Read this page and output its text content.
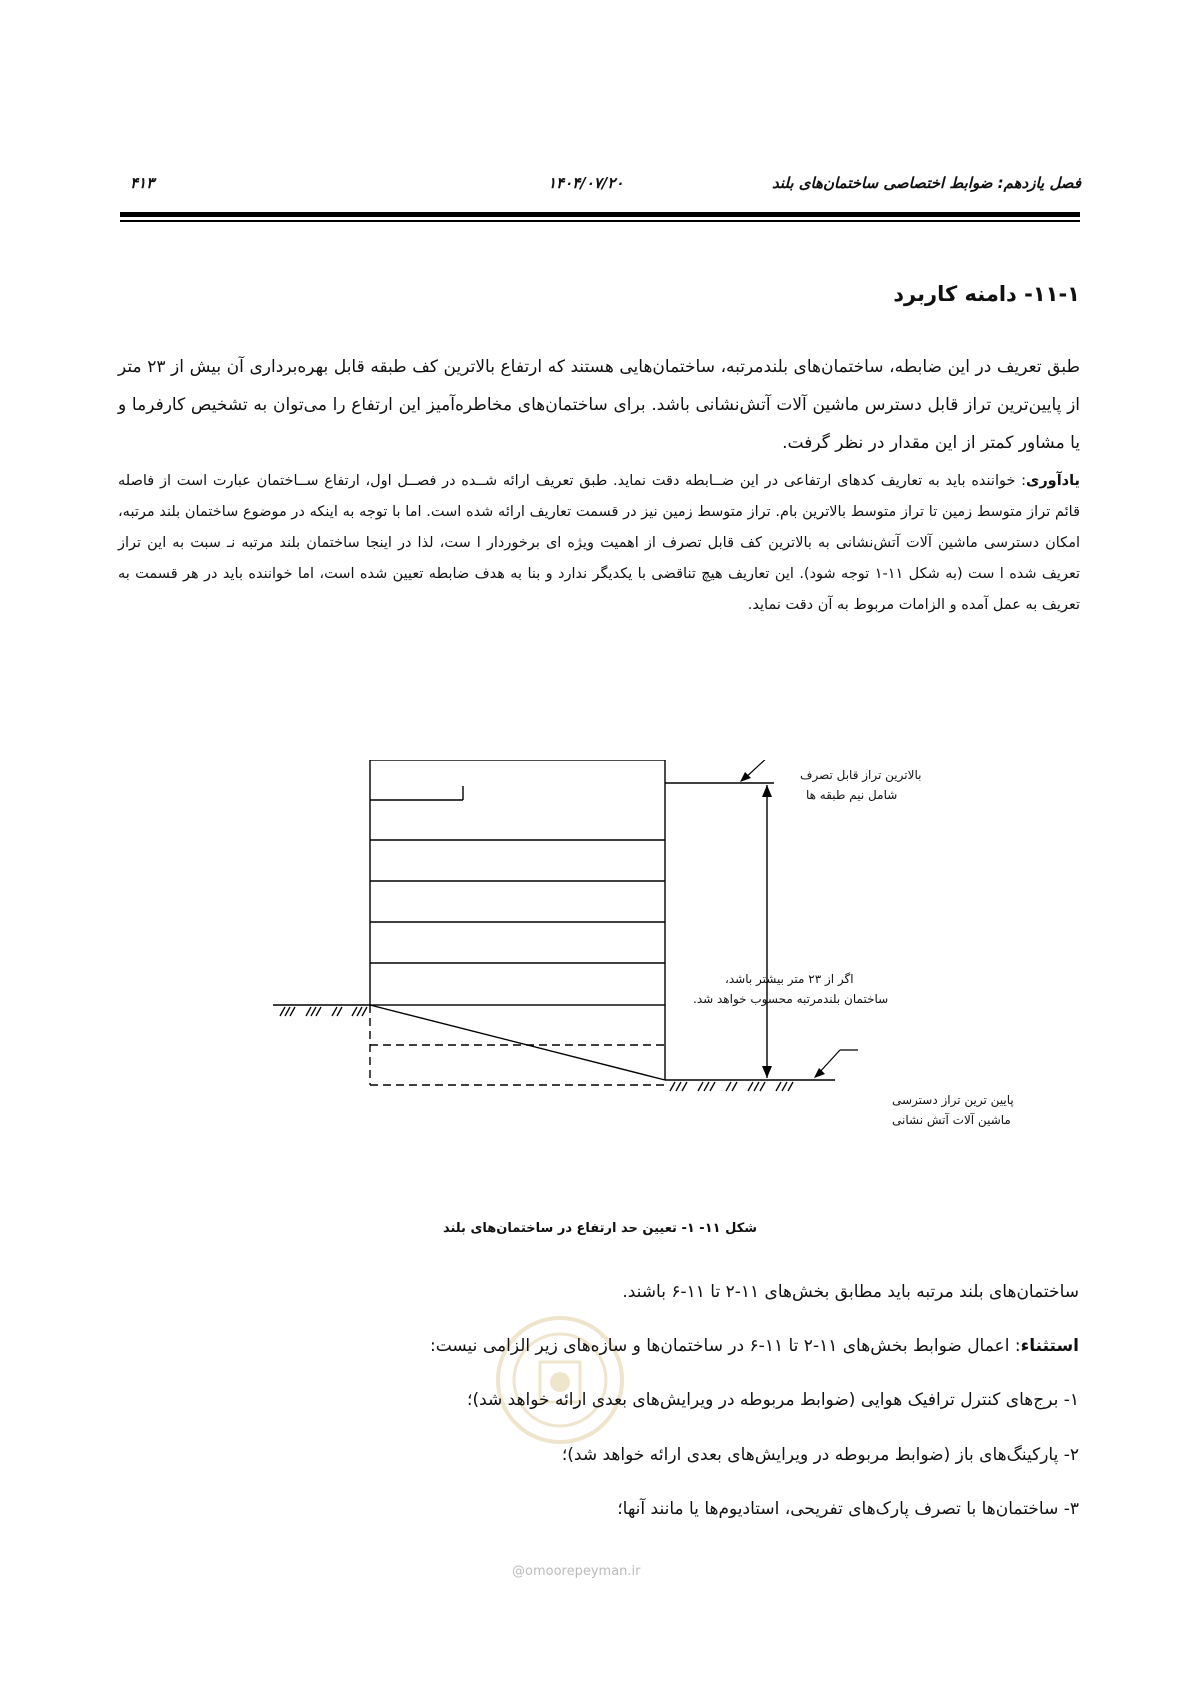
فصل یازدهم: ضوابط اختصاصی ساختمان‌های بلند
۱۴۰۴/۰۷/۲۰
۴۱۳
۱۱-۱- دامنه کاربرد
طبق تعریف در این ضابطه، ساختمان‌های بلندمرتبه، ساختمان‌هایی هستند که ارتفاع بالاترین کف طبقه قابل بهره‌برداری آن بیش از ۲۳ متر از پایین‌ترین تراز قابل دسترس ماشین آلات آتش‌نشانی باشد. برای ساختمان‌های مخاطره‌آمیز این ارتفاع را می‌توان به تشخیص کارفرما و یا مشاور کمتر از این مقدار در نظر گرفت.
یادآوری: خواننده باید به تعاریف کدهای ارتفاعی در این ضــابطه دقت نماید. طبق تعریف ارائه شــده در فصــل اول، ارتفاع ســاختمان عبارت است از فاصله قائم تراز متوسط زمین تا تراز متوسط بالاترین بام. تراز متوسط زمین نیز در قسمت تعاریف ارائه شده است. اما با توجه به اینکه در موضوع ساختمان بلند مرتبه، امکان دسترسی ماشین آلات آتش‌نشانی به بالاترین کف قابل تصرف از اهمیت ویژه ای برخوردار ا ست، لذا در اینجا ساختمان بلند مرتبه نـ سبت به این تراز تعریف شده ا ست (به شکل ۱۱-۱ توجه شود). این تعاریف هیچ تناقضی با یکدیگر ندارد و بنا به هدف ضابطه تعیین شده است، اما خواننده باید در هر قسمت به تعریف به عمل آمده و الزامات مربوط به آن دقت نماید.
بالاترین تراز قابل تصرف
شامل نیم طبقه ها
اگر از ۲۳ متر بیشتر باشد،
ساختمان بلندمرتبه محسوب خواهد شد.
پایین ترین تراز دسترسی
ماشین آلات آتش نشانی
شکل ۱۱- ۱- تعیین حد ارتفاع در ساختمان‌های بلند
@omoorepeyman.ir
ساختمان‌های بلند مرتبه باید مطابق بخش‌های ۱۱-۲ تا ۱۱-۶ باشند.
استثناء: اعمال ضوابط بخش‌های ۱۱-۲ تا ۱۱-۶ در ساختمان‌ها و سازه‌های زیر الزامی نیست:
۱- برج‌های کنترل ترافیک هوایی (ضوابط مربوطه در ویرایش‌های بعدی ارائه خواهد شد)؛
۲- پارکینگ‌های باز (ضوابط مربوطه در ویرایش‌های بعدی ارائه خواهد شد)؛
۳- ساختمان‌ها با تصرف پارک‌های تفریحی، استادیوم‌ها یا مانند آنها؛
